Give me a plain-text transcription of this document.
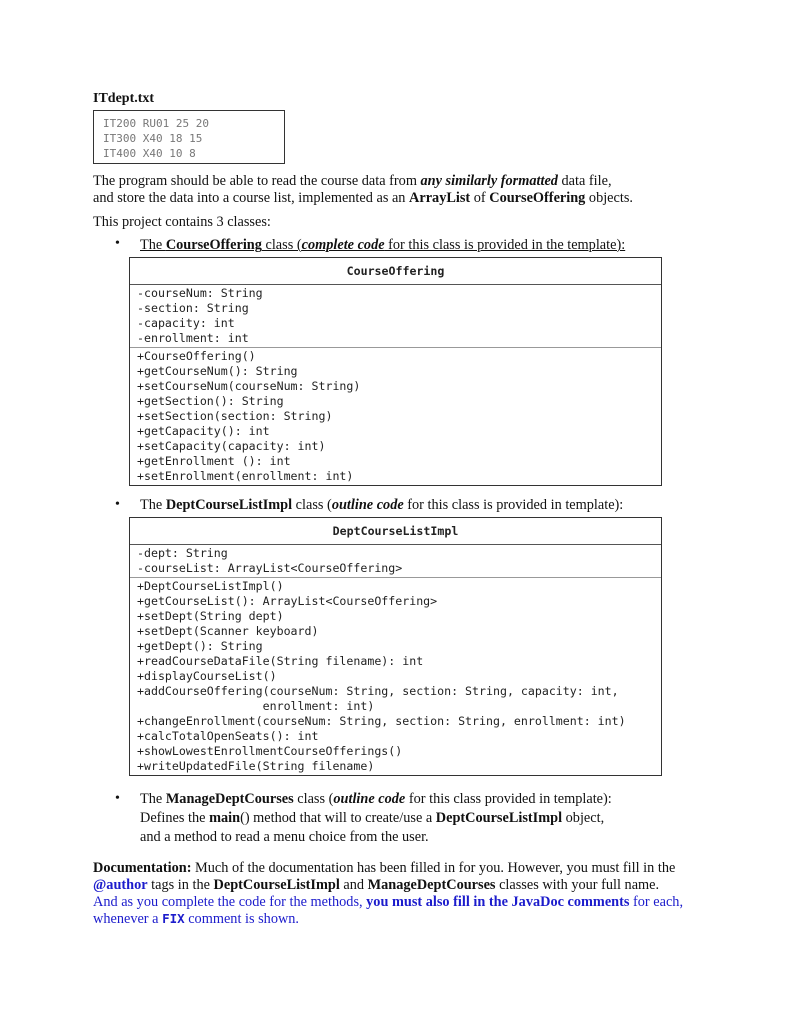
ITdept.txt
IT200 RU01 25 20
IT300 X40 18 15
IT400 X40 10 8
The program should be able to read the course data from any similarly formatted data file,
and store the data into a course list, implemented as an ArrayList of CourseOffering objects.
This project contains 3 classes:
• The CourseOffering class (complete code for this class is provided in the template):
CourseOffering
-courseNum: String
-section: String
-capacity: int
-enrollment: int
+CourseOffering()
+getCourseNum(): String
+setCourseNum(courseNum: String)
+getSection(): String
+setSection(section: String)
+getCapacity(): int
+setCapacity(capacity: int)
+getEnrollment (): int
+setEnrollment(enrollment: int)
• The DeptCourseListImpl class (outline code for this class is provided in template):
DeptCourseListImpl
-dept: String
-courseList: ArrayList<CourseOffering>
+DeptCourseListImpl()
+getCourseList(): ArrayList<CourseOffering>
+setDept(String dept)
+setDept(Scanner keyboard)
+getDept(): String
+readCourseDataFile(String filename): int
+displayCourseList()
+addCourseOffering(courseNum: String, section: String, capacity: int,
enrollment: int)
+changeEnrollment(courseNum: String, section: String, enrollment: int)
+calcTotalOpenSeats(): int
+showLowestEnrollmentCourseOfferings()
+writeUpdatedFile(String filename)
• The ManageDeptCourses class (outline code for this class provided in template):
Defines the main() method that will to create/use a DeptCourseListImpl object,
and a method to read a menu choice from the user.
Documentation: Much of the documentation has been filled in for you. However, you must fill in the
@author tags in the DeptCourseListImpl and ManageDeptCourses classes with your full name.
And as you complete the code for the methods, you must also fill in the JavaDoc comments for each,
whenever a FIX comment is shown.
